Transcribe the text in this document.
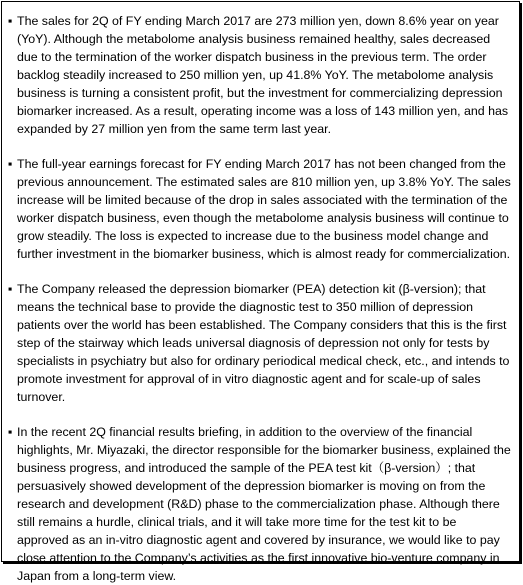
▪ The sales for 2Q of FY ending March 2017 are 273 million yen, down 8.6% year on year (YoY). Although the metabolome analysis business remained healthy, sales decreased due to the termination of the worker dispatch business in the previous term. The order backlog steadily increased to 250 million yen, up 41.8% YoY. The metabolome analysis business is turning a consistent profit, but the investment for commercializing depression biomarker increased. As a result, operating income was a loss of 143 million yen, and has expanded by 27 million yen from the same term last year.
▪ The full-year earnings forecast for FY ending March 2017 has not been changed from the previous announcement. The estimated sales are 810 million yen, up 3.8% YoY. The sales increase will be limited because of the drop in sales associated with the termination of the worker dispatch business, even though the metabolome analysis business will continue to grow steadily. The loss is expected to increase due to the business model change and further investment in the biomarker business, which is almost ready for commercialization.
▪ The Company released the depression biomarker (PEA) detection kit (β-version); that means the technical base to provide the diagnostic test to 350 million of depression patients over the world has been established. The Company considers that this is the first step of the stairway which leads universal diagnosis of depression not only for tests by specialists in psychiatry but also for ordinary periodical medical check, etc., and intends to promote investment for approval of in vitro diagnostic agent and for scale-up of sales turnover.
▪ In the recent 2Q financial results briefing, in addition to the overview of the financial highlights, Mr. Miyazaki, the director responsible for the biomarker business, explained the business progress, and introduced the sample of the PEA test kit（β-version）; that persuasively showed development of the depression biomarker is moving on from the research and development (R&D) phase to the commercialization phase. Although there still remains a hurdle, clinical trials, and it will take more time for the test kit to be approved as an in-vitro diagnostic agent and covered by insurance, we would like to pay close attention to the Company’s activities as the first innovative bio-venture company in Japan from a long-term view.
